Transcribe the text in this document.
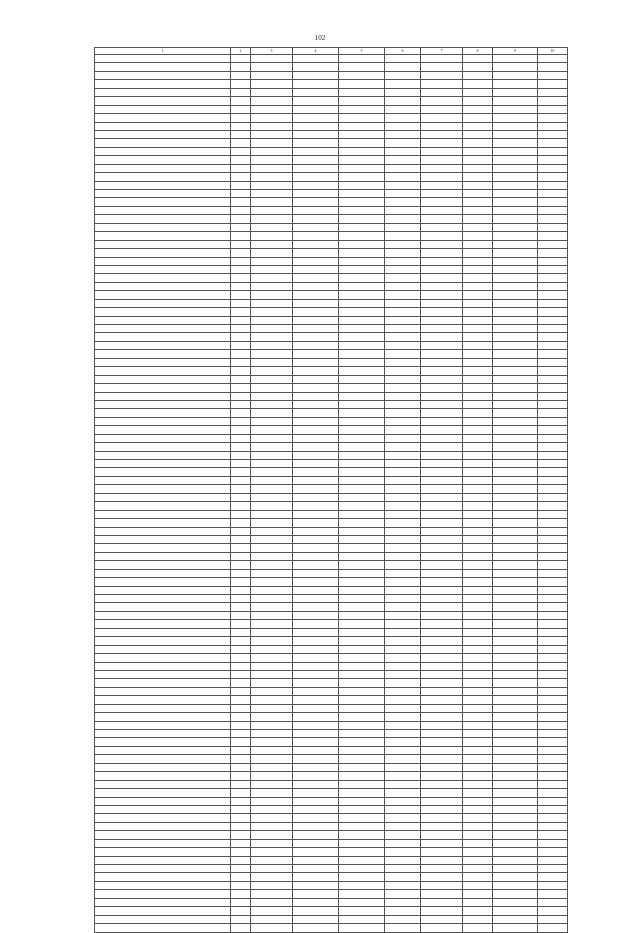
102
1	2	3	4	5	6	7	8	9	10
